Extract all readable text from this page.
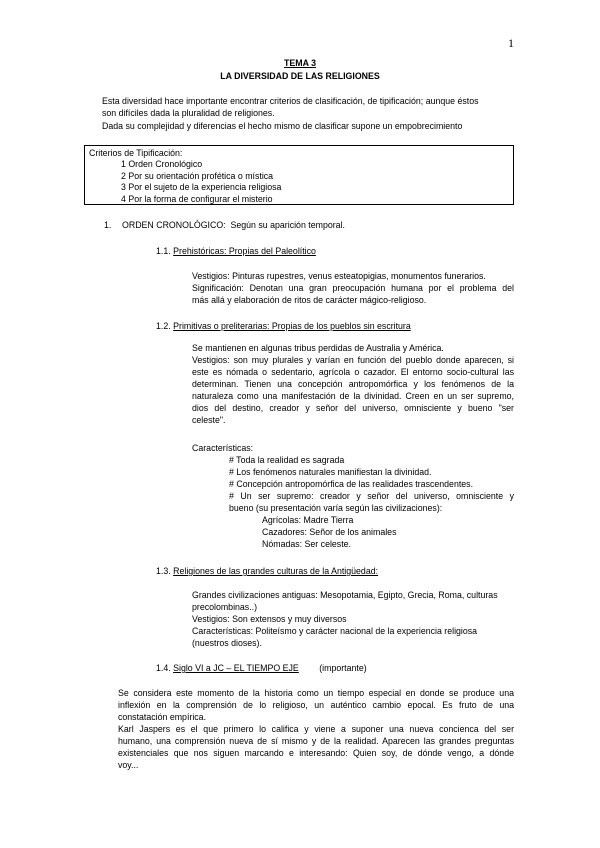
1
TEMA 3
LA DIVERSIDAD DE LAS RELIGIONES
Esta diversidad hace importante encontrar criterios de clasificación, de tipificación; aunque éstos
son difíciles dada la pluralidad de religiones.
Dada su complejidad y diferencias el hecho mismo de clasificar supone un empobrecimiento
Criterios de Tipificación:
1 Orden Cronológico
2 Por su orientación profética o mística
3 Por el sujeto de la experiencia religiosa
4 Por la forma de configurar el misterio
1. ORDEN CRONOLÓGICO: Según su aparición temporal.
1.1. Prehistóricas: Propias del Paleolítico
Vestigios: Pinturas rupestres, venus esteatopigias, monumentos funerarios.
Significación: Denotan una gran preocupación humana por el problema del
más allá y elaboración de ritos de carácter mágico-religioso.
1.2. Primitivas o preliterarias: Propias de los pueblos sin escritura
Se mantienen en algunas tribus perdidas de Australia y América.
Vestigios: son muy plurales y varían en función del pueblo donde aparecen, si
este es nómada o sedentario, agrícola o cazador. El entorno socio-cultural las
determinan. Tienen una concepción antropomórfica y los fenómenos de la
naturaleza como una manifestación de la divinidad. Creen en un ser supremo,
dios del destino, creador y señor del universo, omnisciente y bueno "ser
celeste".
Características:
# Toda la realidad es sagrada
# Los fenómenos naturales manifiestan la divinidad.
# Concepción antropomórfica de las realidades trascendentes.
# Un ser supremo: creador y señor del universo, omnisciente y
bueno (su presentación varía según las civilizaciones):
Agrícolas: Madre Tierra
Cazadores: Señor de los animales
Nómadas: Ser celeste.
1.3. Religiones de las grandes culturas de la Antigüedad:
Grandes civilizaciones antiguas: Mesopotamia, Egipto, Grecia, Roma, culturas
precolombinas..)
Vestigios: Son extensos y muy diversos
Características: Politeísmo y carácter nacional de la experiencia religiosa
(nuestros dioses).
1.4. Siglo VI a JC – EL TIEMPO EJE (importante)
Se considera este momento de la historia como un tiempo especial en donde se produce una
inflexión en la comprensión de lo religioso, un auténtico cambio epocal. Es fruto de una
constatación empírica.
Karl Jaspers es el que primero lo califica y viene a suponer una nueva concienca del ser
humano, una comprensión nueva de sí mismo y de la realidad. Aparecen las grandes preguntas
existenciales que nos siguen marcando e interesando: Quien soy, de dónde vengo, a dónde
voy...
